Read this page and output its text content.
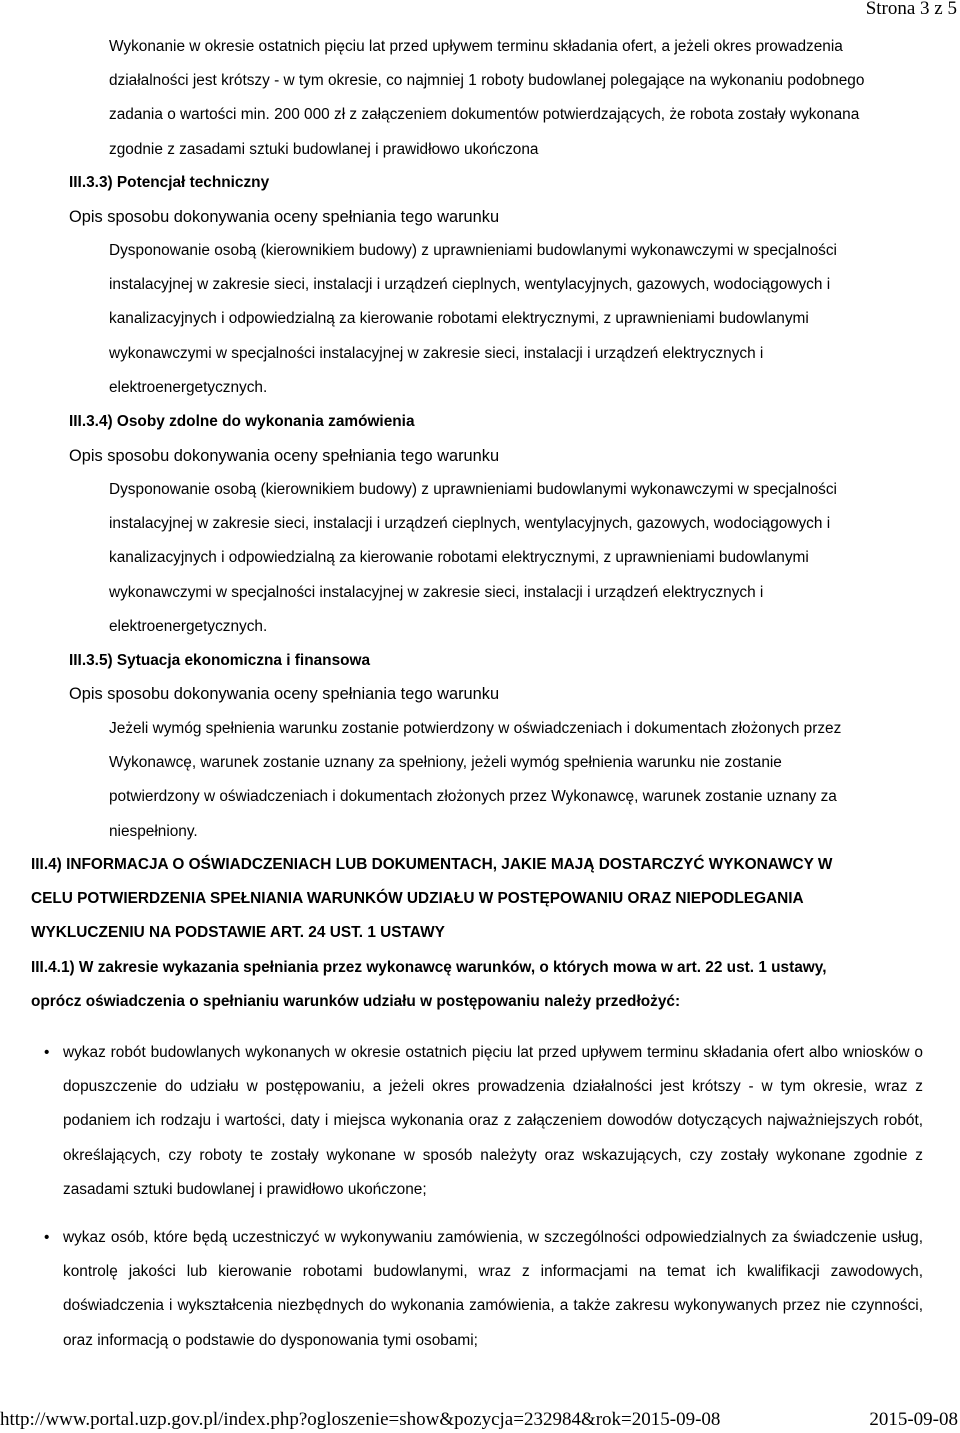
Strona 3 z 5
Wykonanie w okresie ostatnich pięciu lat przed upływem terminu składania ofert, a jeżeli okres prowadzenia
działalności jest krótszy - w tym okresie, co najmniej 1 roboty budowlanej polegające na wykonaniu podobnego
zadania o wartości min. 200 000 zł z załączeniem dokumentów potwierdzających, że robota zostały wykonana
zgodnie z zasadami sztuki budowlanej i prawidłowo ukończona
III.3.3) Potencjał techniczny
Opis sposobu dokonywania oceny spełniania tego warunku
Dysponowanie osobą (kierownikiem budowy) z uprawnieniami budowlanymi wykonawczymi w specjalności
instalacyjnej w zakresie sieci, instalacji i urządzeń cieplnych, wentylacyjnych, gazowych, wodociągowych i
kanalizacyjnych i odpowiedzialną za kierowanie robotami elektrycznymi, z uprawnieniami budowlanymi
wykonawczymi w specjalności instalacyjnej w zakresie sieci, instalacji i urządzeń elektrycznych i
elektroenergetycznych.
III.3.4) Osoby zdolne do wykonania zamówienia
Opis sposobu dokonywania oceny spełniania tego warunku
Dysponowanie osobą (kierownikiem budowy) z uprawnieniami budowlanymi wykonawczymi w specjalności
instalacyjnej w zakresie sieci, instalacji i urządzeń cieplnych, wentylacyjnych, gazowych, wodociągowych i
kanalizacyjnych i odpowiedzialną za kierowanie robotami elektrycznymi, z uprawnieniami budowlanymi
wykonawczymi w specjalności instalacyjnej w zakresie sieci, instalacji i urządzeń elektrycznych i
elektroenergetycznych.
III.3.5) Sytuacja ekonomiczna i finansowa
Opis sposobu dokonywania oceny spełniania tego warunku
Jeżeli wymóg spełnienia warunku zostanie potwierdzony w oświadczeniach i dokumentach złożonych przez
Wykonawcę, warunek zostanie uznany za spełniony, jeżeli wymóg spełnienia warunku nie zostanie
potwierdzony w oświadczeniach i dokumentach złożonych przez Wykonawcę, warunek zostanie uznany za
niespełniony.
III.4) INFORMACJA O OŚWIADCZENIACH LUB DOKUMENTACH, JAKIE MAJĄ DOSTARCZYĆ WYKONAWCY W
CELU POTWIERDZENIA SPEŁNIANIA WARUNKÓW UDZIAŁU W POSTĘPOWANIU ORAZ NIEPODLEGANIA
WYKLUCZENIU NA PODSTAWIE ART. 24 UST. 1 USTAWY
III.4.1) W zakresie wykazania spełniania przez wykonawcę warunków, o których mowa w art. 22 ust. 1 ustawy,
oprócz oświadczenia o spełnianiu warunków udziału w postępowaniu należy przedłożyć:
• wykaz robót budowlanych wykonanych w okresie ostatnich pięciu lat przed upływem terminu składania ofert albo wniosków o dopuszczenie do udziału w postępowaniu, a jeżeli okres prowadzenia działalności jest krótszy - w tym okresie, wraz z podaniem ich rodzaju i wartości, daty i miejsca wykonania oraz z załączeniem dowodów dotyczących najważniejszych robót, określających, czy roboty te zostały wykonane w sposób należyty oraz wskazujących, czy zostały wykonane zgodnie z zasadami sztuki budowlanej i prawidłowo ukończone;
• wykaz osób, które będą uczestniczyć w wykonywaniu zamówienia, w szczególności odpowiedzialnych za świadczenie usług, kontrolę jakości lub kierowanie robotami budowlanymi, wraz z informacjami na temat ich kwalifikacji zawodowych, doświadczenia i wykształcenia niezbędnych do wykonania zamówienia, a także zakresu wykonywanych przez nie czynności, oraz informacją o podstawie do dysponowania tymi osobami;
http://www.portal.uzp.gov.pl/index.php?ogloszenie=show&pozycja=232984&rok=2015-09-08	2015-09-08
